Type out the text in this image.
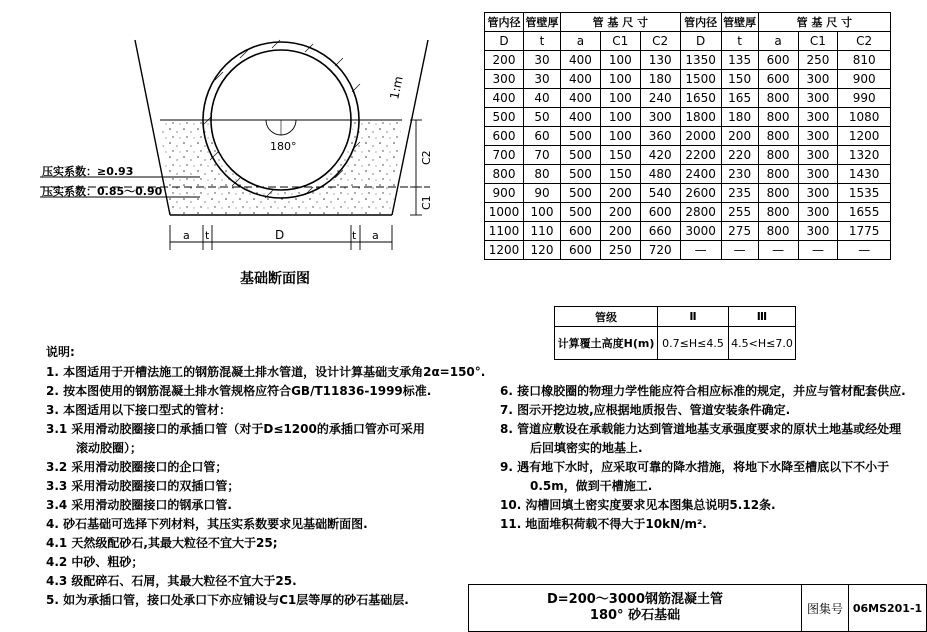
180°
1:m
C2
C1
a t	D	t a
压实系数：≥0.93
压实系数：0.85～0.90
基础断面图
管内径	管壁厚	管 基 尺 寸			管内径	管壁厚	管 基 尺 寸		
D	t	a	C1	C2	D	t	a	C1	C2
200	30	400	100	130	1350	135	600	250	810
300	30	400	100	180	1500	150	600	300	900
400	40	400	100	240	1650	165	800	300	990
500	50	400	100	300	1800	180	800	300	1080
600	60	500	100	360	2000	200	800	300	1200
700	70	500	150	420	2200	220	800	300	1320
800	80	500	150	480	2400	230	800	300	1430
900	90	500	200	540	2600	235	800	300	1535
1000	100	500	200	600	2800	255	800	300	1655
1100	110	600	200	660	3000	275	800	300	1775
1200	120	600	250	720	—	—	—	—	—
管级	Ⅱ	Ⅲ
计算覆土高度H(m)	0.7≤H≤4.5	4.5<H≤7.0
说明:
1. 本图适用于开槽法施工的钢筋混凝土排水管道，设计计算基础支承角2α=150°.
2. 按本图使用的钢筋混凝土排水管规格应符合GB/T11836-1999标准.
3. 本图适用以下接口型式的管材：
3.1 采用滑动胶圈接口的承插口管（对于D≤1200的承插口管亦可采用
滚动胶圈）；
3.2 采用滑动胶圈接口的企口管；
3.3 采用滑动胶圈接口的双插口管；
3.4 采用滑动胶圈接口的钢承口管.
4. 砂石基础可选择下列材料，其压实系数要求见基础断面图.
4.1 天然级配砂石,其最大粒径不宜大于25;
4.2 中砂、粗砂；
4.3 级配碎石、石屑，其最大粒径不宜大于25.
5. 如为承插口管，接口处承口下亦应铺设与C1层等厚的砂石基础层.
6. 接口橡胶圈的物理力学性能应符合相应标准的规定，并应与管材配套供应.
7. 图示开挖边坡,应根据地质报告、管道安装条件确定.
8. 管道应敷设在承载能力达到管道地基支承强度要求的原状土地基或经处理
后回填密实的地基上.
9. 遇有地下水时，应采取可靠的降水措施，将地下水降至槽底以下不小于
0.5m，做到干槽施工.
10. 沟槽回填土密实度要求见本图集总说明5.12条.
11. 地面堆积荷载不得大于10kN/m².
D=200～3000钢筋混凝土管
180° 砂石基础	图集号	06MS201-1
